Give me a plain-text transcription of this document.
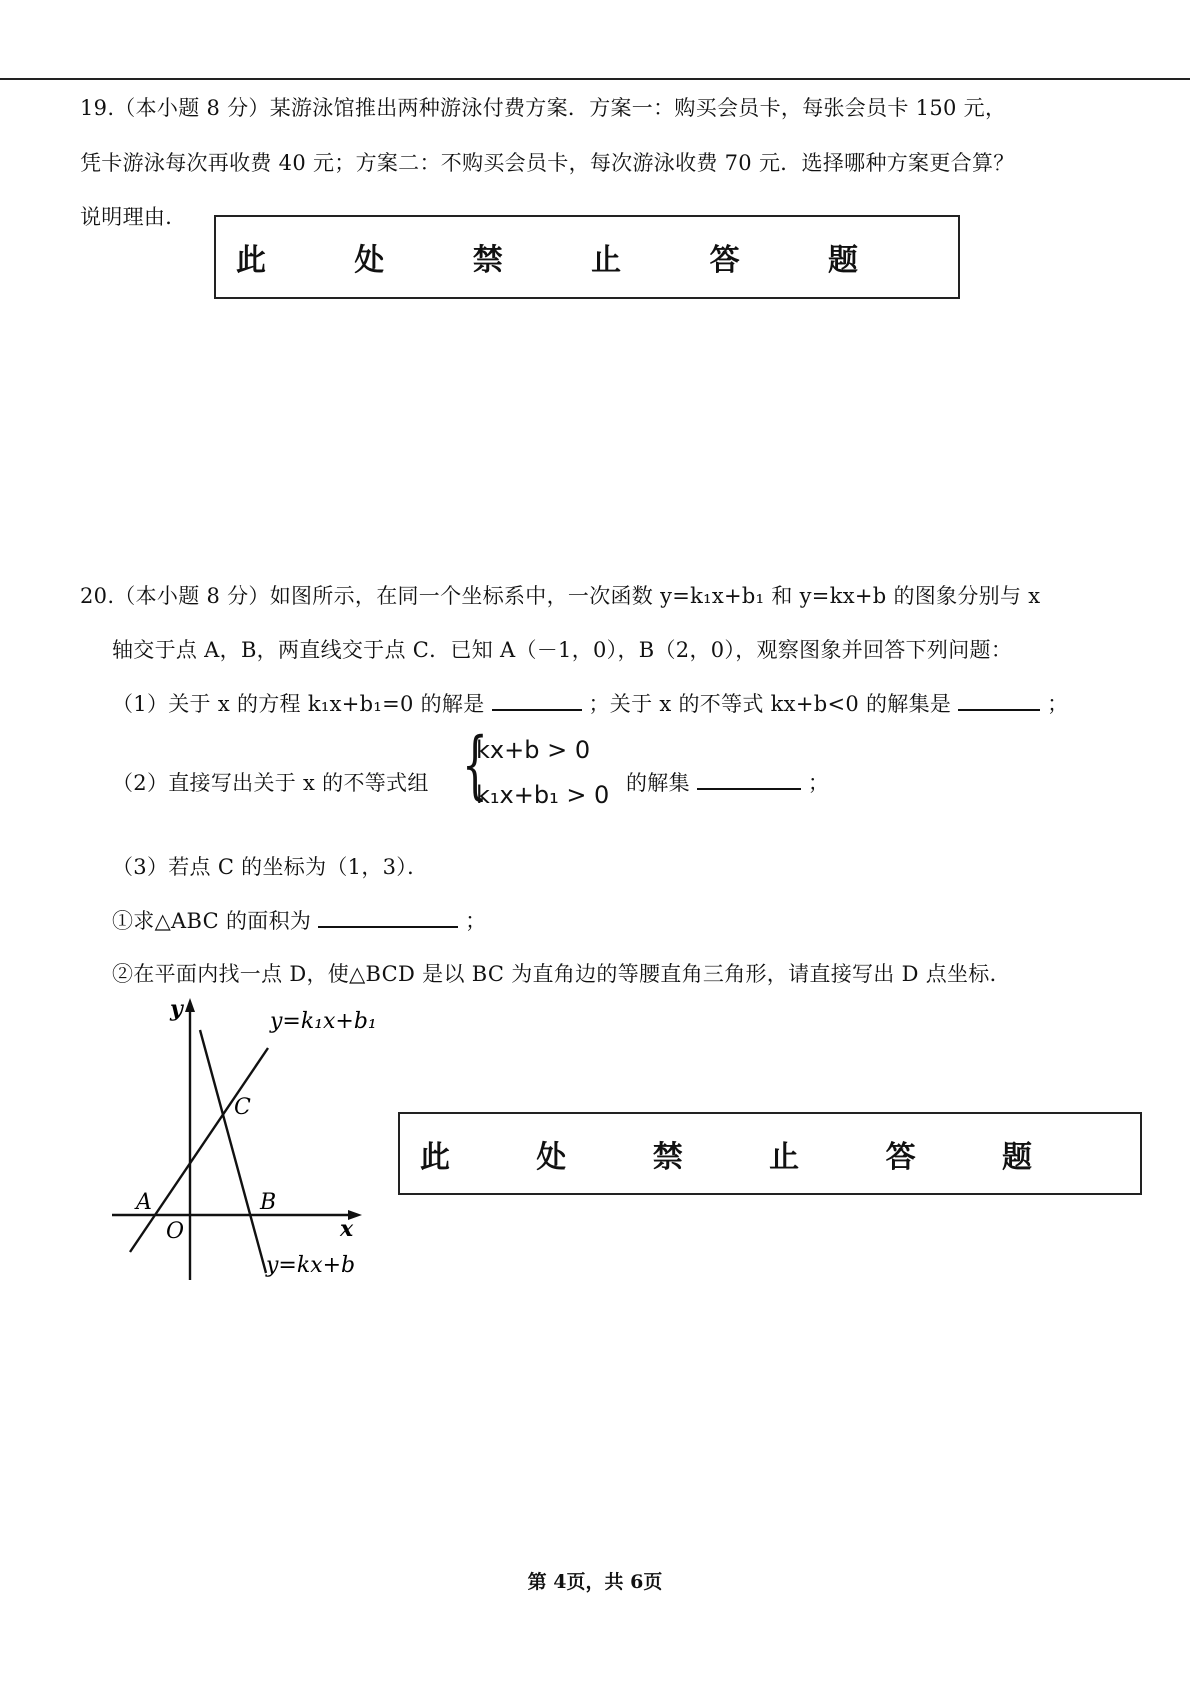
19.（本小题 8 分）某游泳馆推出两种游泳付费方案．方案一：购买会员卡，每张会员卡 150 元，
凭卡游泳每次再收费 40 元；方案二：不购买会员卡，每次游泳收费 70 元．选择哪种方案更合算？
说明理由．
此	处	禁	止	答	题
20.（本小题 8 分）如图所示，在同一个坐标系中，一次函数 y=k₁x+b₁ 和 y=kx+b 的图象分别与 x
轴交于点 A，B，两直线交于点 C．已知 A（－1，0），B（2，0），观察图象并回答下列问题：
（1）关于 x 的方程 k₁x+b₁=0 的解是	；关于 x 的不等式 kx+b<0 的解集是	；
（2）直接写出关于 x 的不等式组 {
kx+b > 0
k₁x+b₁ > 0 的解集	；
（3）若点 C 的坐标为（1，3）．
①求△ABC 的面积为	；
②在平面内找一点 D，使△BCD 是以 BC 为直角边的等腰直角三角形，请直接写出 D 点坐标．
y
x
O
A	B
C
y=k₁x+b₁
y=kx+b
此	处	禁	止	答	题
第 4页，共 6页
